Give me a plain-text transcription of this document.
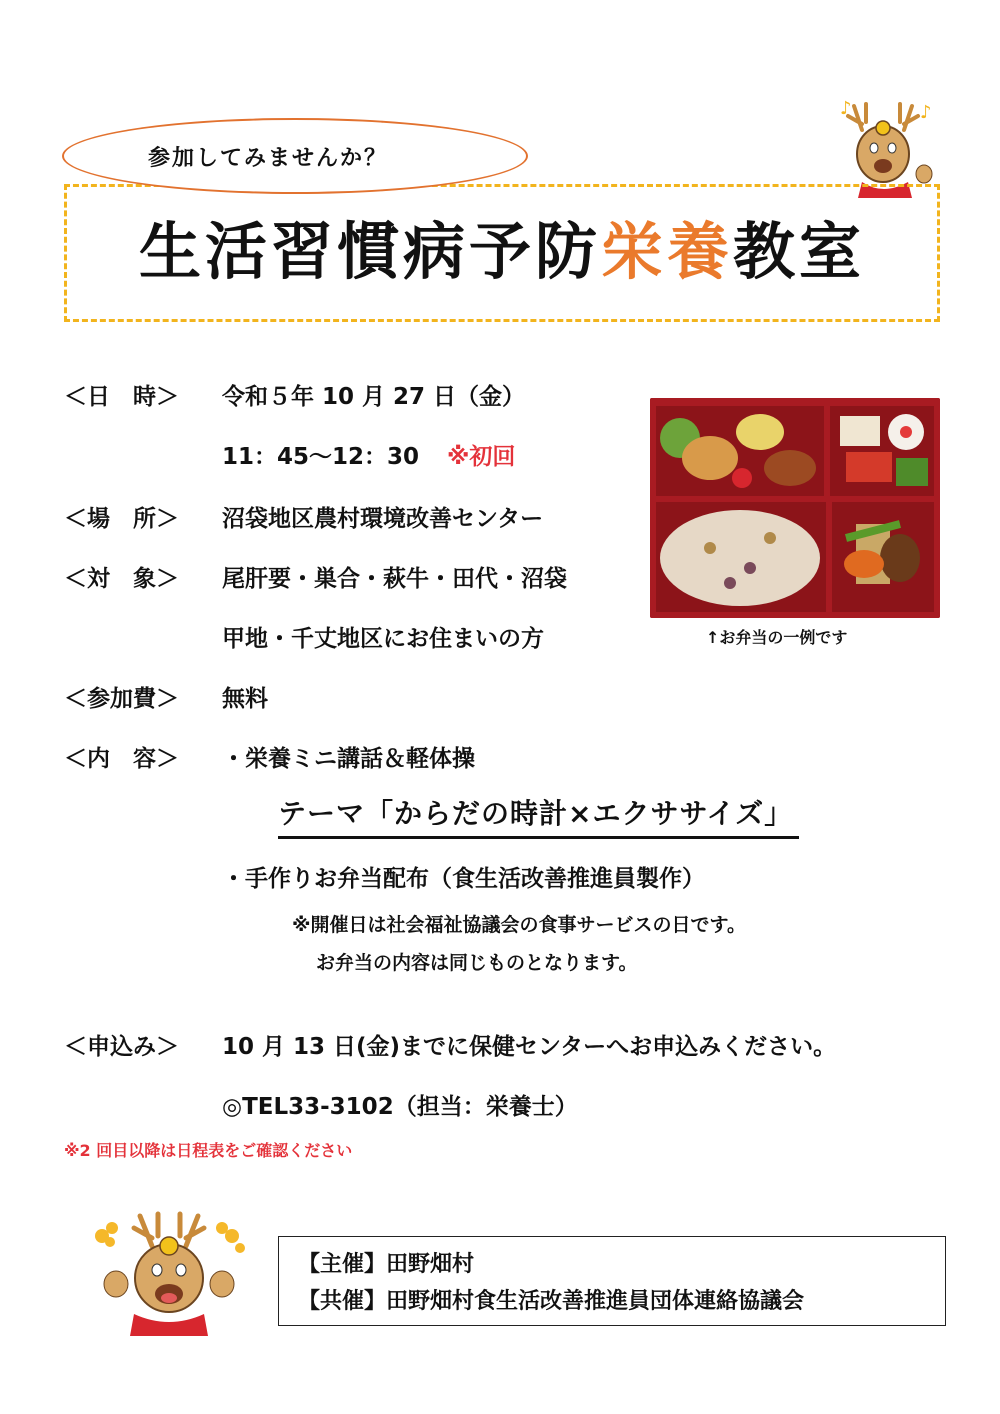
♪	♪
参加してみませんか？
生活習慣病予防栄養教室
＜日　時＞ 令和５年 10 月 27 日（金）
11：45〜12：30 ※初回
＜場　所＞ 沼袋地区農村環境改善センター
＜対　象＞ 尾肝要・巣合・萩牛・田代・沼袋
甲地・千丈地区にお住まいの方
＜参加費＞ 無料
＜内　容＞ ・栄養ミニ講話＆軽体操
テーマ「からだの時計×エクササイズ」
・手作りお弁当配布（食生活改善推進員製作）
※開催日は社会福祉協議会の食事サービスの日です。
お弁当の内容は同じものとなります。
＜申込み＞ 10 月 13 日(金)までに保健センターへお申込みください。
◎TEL33-3102（担当：栄養士）
※2 回目以降は日程表をご確認ください
↑お弁当の一例です
【主催】田野畑村
【共催】田野畑村食生活改善推進員団体連絡協議会
